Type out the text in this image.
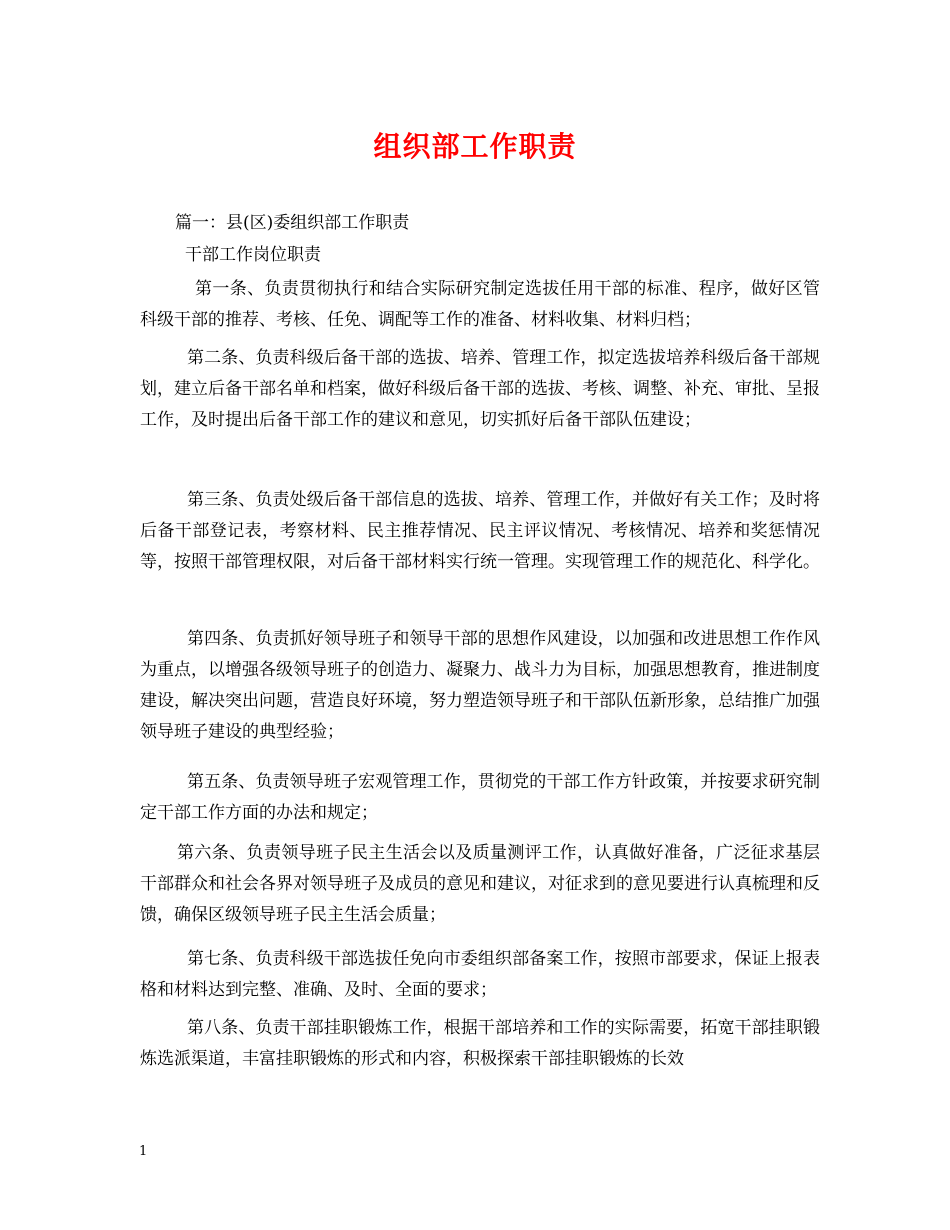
组织部工作职责
篇一：县(区)委组织部工作职责
干部工作岗位职责

第一条、负责贯彻执行和结合实际研究制定选拔任用干部的标准、程序，做好区管科级干部的推荐、考核、任免、调配等工作的准备、材料收集、材料归档；

第二条、负责科级后备干部的选拔、培养、管理工作，拟定选拔培养科级后备干部规划，建立后备干部名单和档案，做好科级后备干部的选拔、考核、调整、补充、审批、呈报工作，及时提出后备干部工作的建议和意见，切实抓好后备干部队伍建设；

第三条、负责处级后备干部信息的选拔、培养、管理工作，并做好有关工作；及时将后备干部登记表，考察材料、民主推荐情况、民主评议情况、考核情况、培养和奖惩情况等，按照干部管理权限，对后备干部材料实行统一管理。实现管理工作的规范化、科学化。

第四条、负责抓好领导班子和领导干部的思想作风建设，以加强和改进思想工作作风为重点，以增强各级领导班子的创造力、凝聚力、战斗力为目标，加强思想教育，推进制度建设，解决突出问题，营造良好环境，努力塑造领导班子和干部队伍新形象，总结推广加强领导班子建设的典型经验；

第五条、负责领导班子宏观管理工作，贯彻党的干部工作方针政策，并按要求研究制定干部工作方面的办法和规定；

第六条、负责领导班子民主生活会以及质量测评工作，认真做好准备，广泛征求基层干部群众和社会各界对领导班子及成员的意见和建议，对征求到的意见要进行认真梳理和反馈，确保区级领导班子民主生活会质量；

第七条、负责科级干部选拔任免向市委组织部备案工作，按照市部要求，保证上报表格和材料达到完整、准确、及时、全面的要求；

第八条、负责干部挂职锻炼工作，根据干部培养和工作的实际需要，拓宽干部挂职锻炼选派渠道，丰富挂职锻炼的形式和内容，积极探索干部挂职锻炼的长效

1
